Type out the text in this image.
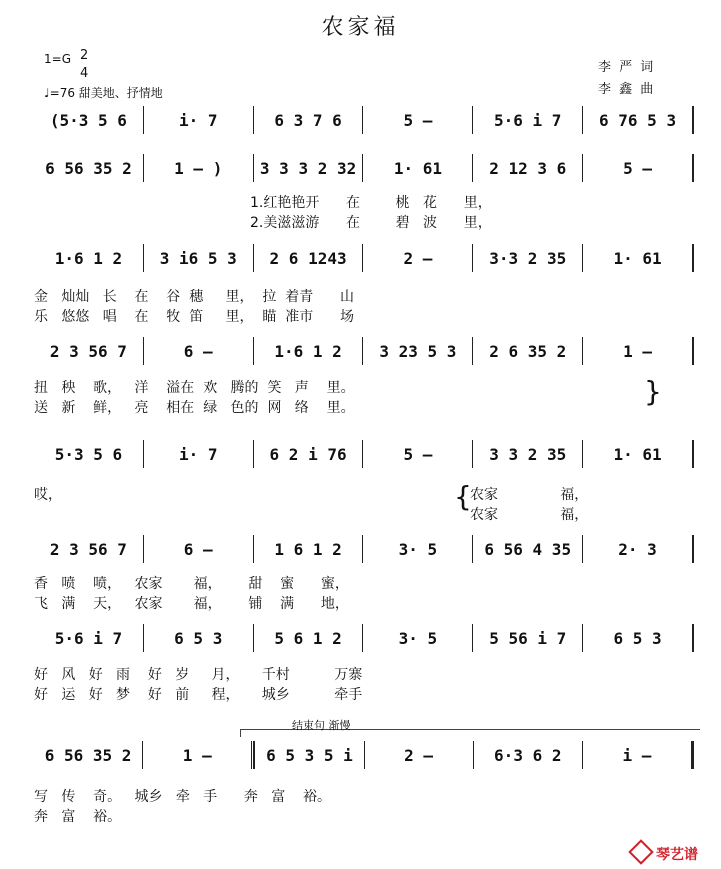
农家福
1=G 2
4
♩=76 甜美地、抒情地
李 严 词
李 鑫 曲
(5·3 5 6	i· 7	6 3 7 6	5 –	5·6 i 7	6 76 5 3
6 56 35 2	1 – )	3 3 3 2 32	1· 61	2 12 3 6	5 –
1.红艳艳开      在        桃   花      里，
2.美滋滋游      在        碧   波      里，
1·6 1 2	3 i6 5 3	2 6 1243	2 –	3·3 2 35	1· 61
金   灿灿   长    在    谷  穗     里，  拉  着青      山
乐   悠悠   唱    在    牧  笛     里，  瞄  准市      场
2 3 56 7	6 –	1·6 1 2	3 23 5 3	2 6 35 2	1 –
扭   秧    歌，   洋    溢在  欢   腾的  笑   声    里。
送   新    鲜，   亮    相在  绿   色的  网   络    里。	}
5·3 5 6	i· 7	6 2 i 76	5 –	3 3 2 35	1· 61
哎，	{
农家              福，
农家              福，
2 3 56 7	6 –	1 6 1 2	3· 5	6 56 4 35	2· 3
香   喷    喷，   农家       福，      甜    蜜      蜜，
飞   满    天，   农家       福，      铺    满      地，
5·6 i 7	6 5 3	5 6 1 2	3· 5	5 56 i 7	6 5 3
好   风   好   雨    好   岁     月，     千村          万寨
好   运   好   梦    好   前     程，     城乡          牵手
结束句 渐慢
6 56 35 2	1 –	6 5 3 5 i	2 –	6·3 6 2	i –
写   传    奇。   城乡   牵   手      奔   富    裕。
奔   富    裕。
琴艺谱
